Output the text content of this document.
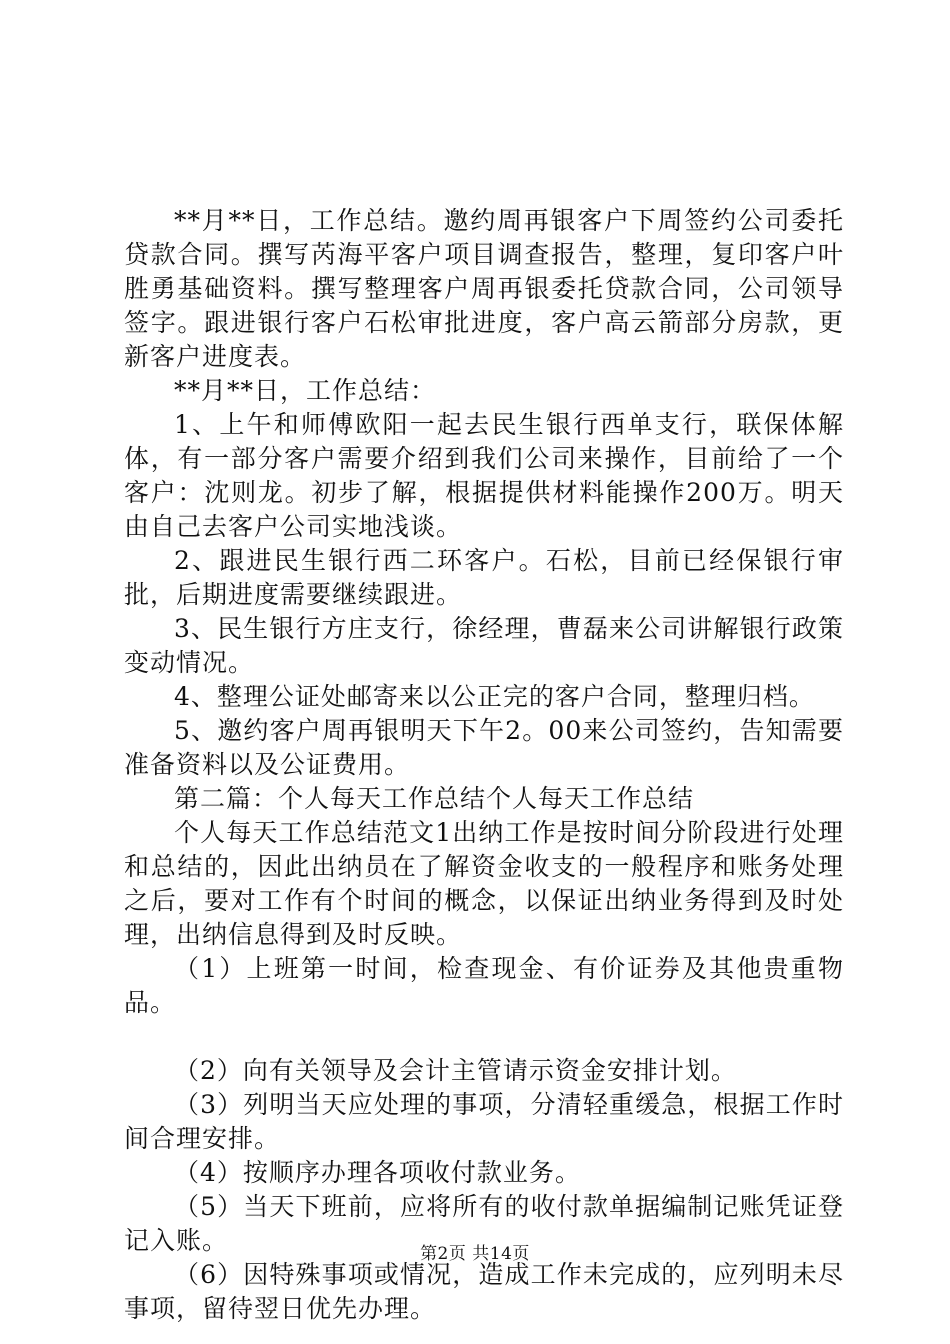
**月**日，工作总结。邀约周再银客户下周签约公司委托贷款合同。撰写芮海平客户项目调查报告，整理，复印客户叶胜勇基础资料。撰写整理客户周再银委托贷款合同，公司领导签字。跟进银行客户石松审批进度，客户高云箭部分房款，更新客户进度表。

**月**日，工作总结：

1、上午和师傅欧阳一起去民生银行西单支行，联保体解体，有一部分客户需要介绍到我们公司来操作，目前给了一个客户：沈则龙。初步了解，根据提供材料能操作200万。明天由自己去客户公司实地浅谈。

2、跟进民生银行西二环客户。石松，目前已经保银行审批，后期进度需要继续跟进。

3、民生银行方庄支行，徐经理，曹磊来公司讲解银行政策变动情况。

4、整理公证处邮寄来以公正完的客户合同，整理归档。

5、邀约客户周再银明天下午2。00来公司签约，告知需要准备资料以及公证费用。

第二篇：个人每天工作总结个人每天工作总结

个人每天工作总结范文1出纳工作是按时间分阶段进行处理和总结的，因此出纳员在了解资金收支的一般程序和账务处理之后，要对工作有个时间的概念，以保证出纳业务得到及时处理，出纳信息得到及时反映。

（1）上班第一时间，检查现金、有价证券及其他贵重物品。

（2）向有关领导及会计主管请示资金安排计划。

（3）列明当天应处理的事项，分清轻重缓急，根据工作时间合理安排。

（4）按顺序办理各项收付款业务。

（5）当天下班前，应将所有的收付款单据编制记账凭证登记入账。

（6）因特殊事项或情况，造成工作未完成的，应列明未尽事项，留待翌日优先办理。

第2页 共14页
